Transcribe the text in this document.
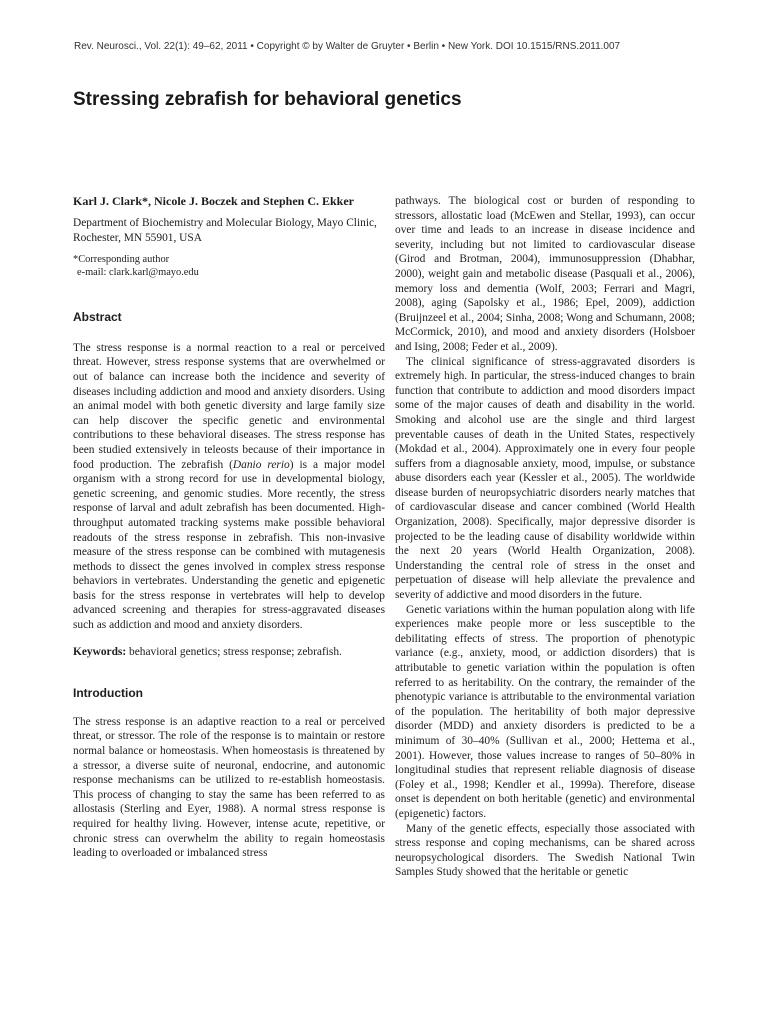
Rev. Neurosci., Vol. 22(1): 49–62, 2011 • Copyright © by Walter de Gruyter • Berlin • New York. DOI 10.1515/RNS.2011.007
Stressing zebrafish for behavioral genetics

Karl J. Clark*, Nicole J. Boczek and Stephen C. Ekker

Department of Biochemistry and Molecular Biology, Mayo Clinic, Rochester, MN 55901, USA

*Corresponding author
e-mail: clark.karl@mayo.edu
Abstract

The stress response is a normal reaction to a real or perceived threat. However, stress response systems that are overwhelmed or out of balance can increase both the incidence and severity of diseases including addiction and mood and anxiety disorders. Using an animal model with both genetic diversity and large family size can help discover the specific genetic and environmental contributions to these behavioral diseases. The stress response has been studied extensively in teleosts because of their importance in food production. The zebrafish (Danio rerio) is a major model organism with a strong record for use in developmental biology, genetic screening, and genomic studies. More recently, the stress response of larval and adult zebrafish has been documented. High-throughput automated tracking systems make possible behavioral readouts of the stress response in zebrafish. This non-invasive measure of the stress response can be combined with mutagenesis methods to dissect the genes involved in complex stress response behaviors in vertebrates. Understanding the genetic and epigenetic basis for the stress response in vertebrates will help to develop advanced screening and therapies for stress-aggravated diseases such as addiction and mood and anxiety disorders.

Keywords: behavioral genetics; stress response; zebrafish.

Introduction

The stress response is an adaptive reaction to a real or perceived threat, or stressor. The role of the response is to maintain or restore normal balance or homeostasis. When homeostasis is threatened by a stressor, a diverse suite of neuronal, endocrine, and autonomic response mechanisms can be utilized to re-establish homeostasis. This process of changing to stay the same has been referred to as allostasis (Sterling and Eyer, 1988). A normal stress response is required for healthy living. However, intense acute, repetitive, or chronic stress can overwhelm the ability to regain homeostasis leading to overloaded or imbalanced stress

pathways. The biological cost or burden of responding to stressors, allostatic load (McEwen and Stellar, 1993), can occur over time and leads to an increase in disease incidence and severity, including but not limited to cardiovascular disease (Girod and Brotman, 2004), immunosuppression (Dhabhar, 2000), weight gain and metabolic disease (Pasquali et al., 2006), memory loss and dementia (Wolf, 2003; Ferrari and Magri, 2008), aging (Sapolsky et al., 1986; Epel, 2009), addiction (Bruijnzeel et al., 2004; Sinha, 2008; Wong and Schumann, 2008; McCormick, 2010), and mood and anxiety disorders (Holsboer and Ising, 2008; Feder et al., 2009).

The clinical significance of stress-aggravated disorders is extremely high. In particular, the stress-induced changes to brain function that contribute to addiction and mood disorders impact some of the major causes of death and disability in the world. Smoking and alcohol use are the single and third largest preventable causes of death in the United States, respectively (Mokdad et al., 2004). Approximately one in every four people suffers from a diagnosable anxiety, mood, impulse, or substance abuse disorders each year (Kessler et al., 2005). The worldwide disease burden of neuropsychiatric disorders nearly matches that of cardiovascular disease and cancer combined (World Health Organization, 2008). Specifically, major depressive disorder is projected to be the leading cause of disability worldwide within the next 20 years (World Health Organization, 2008). Understanding the central role of stress in the onset and perpetuation of disease will help alleviate the prevalence and severity of addictive and mood disorders in the future.

Genetic variations within the human population along with life experiences make people more or less susceptible to the debilitating effects of stress. The proportion of phenotypic variance (e.g., anxiety, mood, or addiction disorders) that is attributable to genetic variation within the population is often referred to as heritability. On the contrary, the remainder of the phenotypic variance is attributable to the environmental variation of the population. The heritability of both major depressive disorder (MDD) and anxiety disorders is predicted to be a minimum of 30–40% (Sullivan et al., 2000; Hettema et al., 2001). However, those values increase to ranges of 50–80% in longitudinal studies that represent reliable diagnosis of disease (Foley et al., 1998; Kendler et al., 1999a). Therefore, disease onset is dependent on both heritable (genetic) and environmental (epigenetic) factors.

Many of the genetic effects, especially those associated with stress response and coping mechanisms, can be shared across neuropsychological disorders. The Swedish National Twin Samples Study showed that the heritable or genetic
